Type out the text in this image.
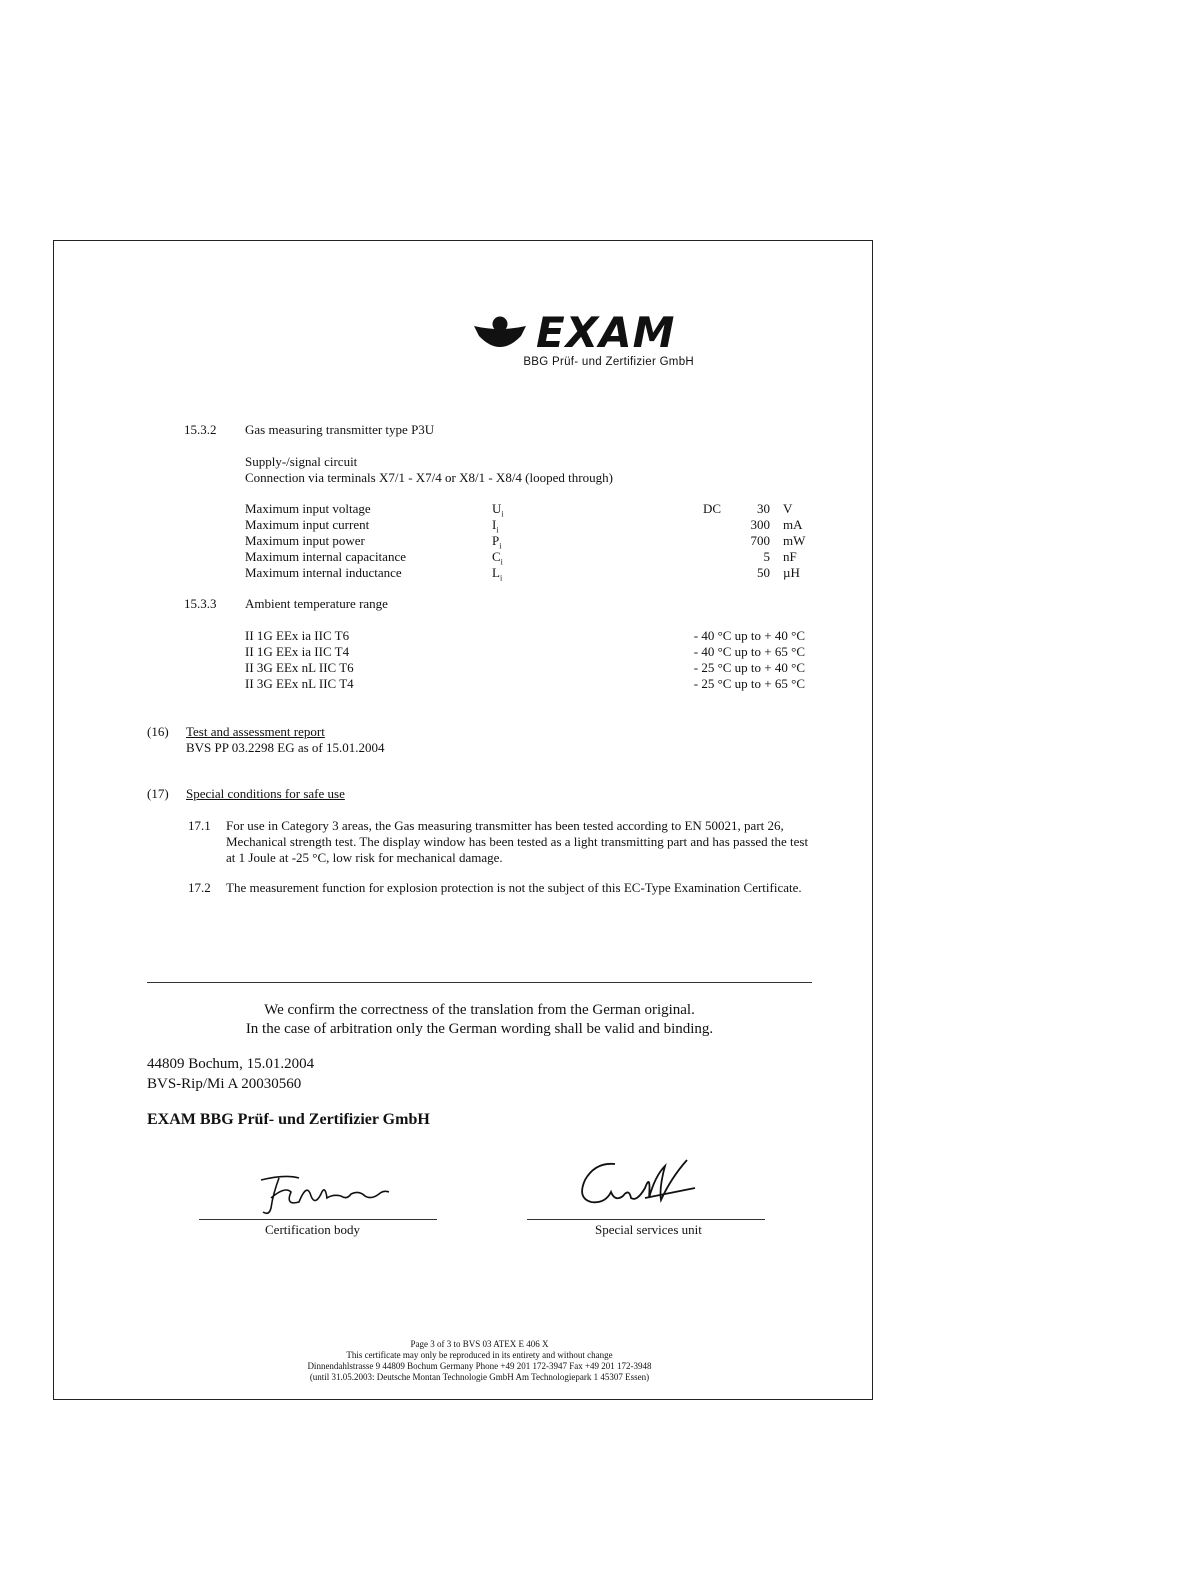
EXAM
BBG Prüf- und Zertifizier GmbH
15.3.2 Gas measuring transmitter type P3U
Supply-/signal circuit
Connection via terminals X7/1 - X7/4 or X8/1 - X8/4 (looped through)
Maximum input voltage	$U_i$	DC	30 V
Maximum input current	$I_i$	300 mA
Maximum input power	$P_i$	700 mW
Maximum internal capacitance	$C_i$	5 nF
Maximum internal inductance	$L_i$	50 µH
15.3.3 Ambient temperature range
II 1G EEx ia IIC T6	- 40 °C up to + 40 °C
II 1G EEx ia IIC T4	- 40 °C up to + 65 °C
II 3G EEx nL IIC T6	- 25 °C up to + 40 °C
II 3G EEx nL IIC T4	- 25 °C up to + 65 °C
(16) Test and assessment report
BVS PP 03.2298 EG as of 15.01.2004
(17) Special conditions for safe use
17.1 For use in Category 3 areas, the Gas measuring transmitter has been tested according to EN 50021, part 26, Mechanical strength test. The display window has been tested as a light transmitting part and has passed the test at 1 Joule at -25 °C, low risk for mechanical damage.
17.2 The measurement function for explosion protection is not the subject of this EC-Type Examination Certificate.
We confirm the correctness of the translation from the German original.
In the case of arbitration only the German wording shall be valid and binding.
44809 Bochum, 15.01.2004
BVS-Rip/Mi A 20030560
EXAM BBG Prüf- und Zertifizier GmbH
Certification body	Special services unit
Page 3 of 3 to BVS 03 ATEX E 406 X
This certificate may only be reproduced in its entirety and without change
Dinnendahlstrasse 9 44809 Bochum Germany Phone +49 201 172-3947 Fax +49 201 172-3948
(until 31.05.2003: Deutsche Montan Technologie GmbH Am Technologiepark 1 45307 Essen)
